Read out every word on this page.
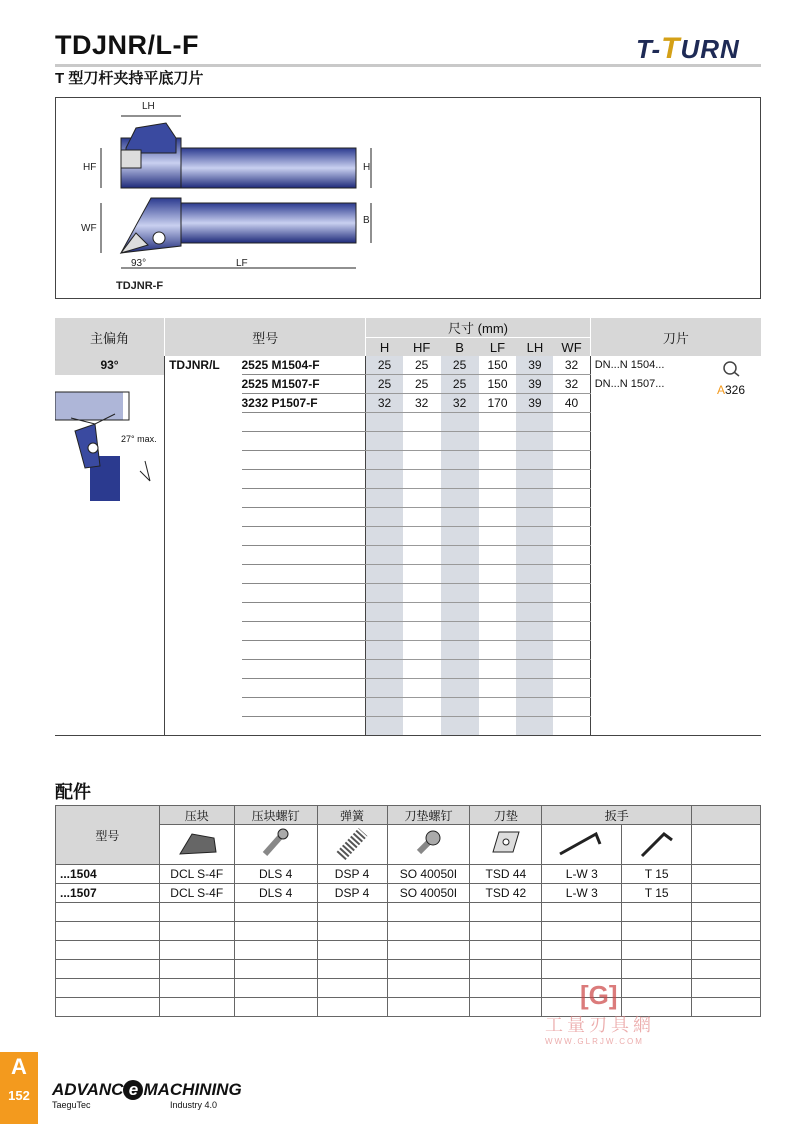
TDJNR/L-F
T 型刀杆夹持平底刀片
T-TURN
LH
HF	H
WF
B
93°	LF
TDJNR-F
主偏角	型号		尺寸 (mm)						刀片	
			H	HF	B	LF	LH	WF		
93°	TDJNR/L	2525 M1504-F	25	25	25	150	39	32	DN...N 1504...	
		2525 M1507-F	25	25	25	150	39	32	DN...N 1507...	
		3232 P1507-F	32	32	32	170	39	40		

27° max.
A326
配件
型号	压块	压块螺钉	弹簧	刀垫螺钉	刀垫	扳手		

...1504	DCL S-4F	DLS 4	DSP 4	SO 40050I	TSD 44	L-W 3	T 15	
...1507	DCL S-4F	DLS 4	DSP 4	SO 40050I	TSD 42	L-W 3	T 15	

[G]
工量刃具網
WWW.GLRJW.COM
A
152	ADVANC e MACHINING
TaeguTec	Industry 4.0
